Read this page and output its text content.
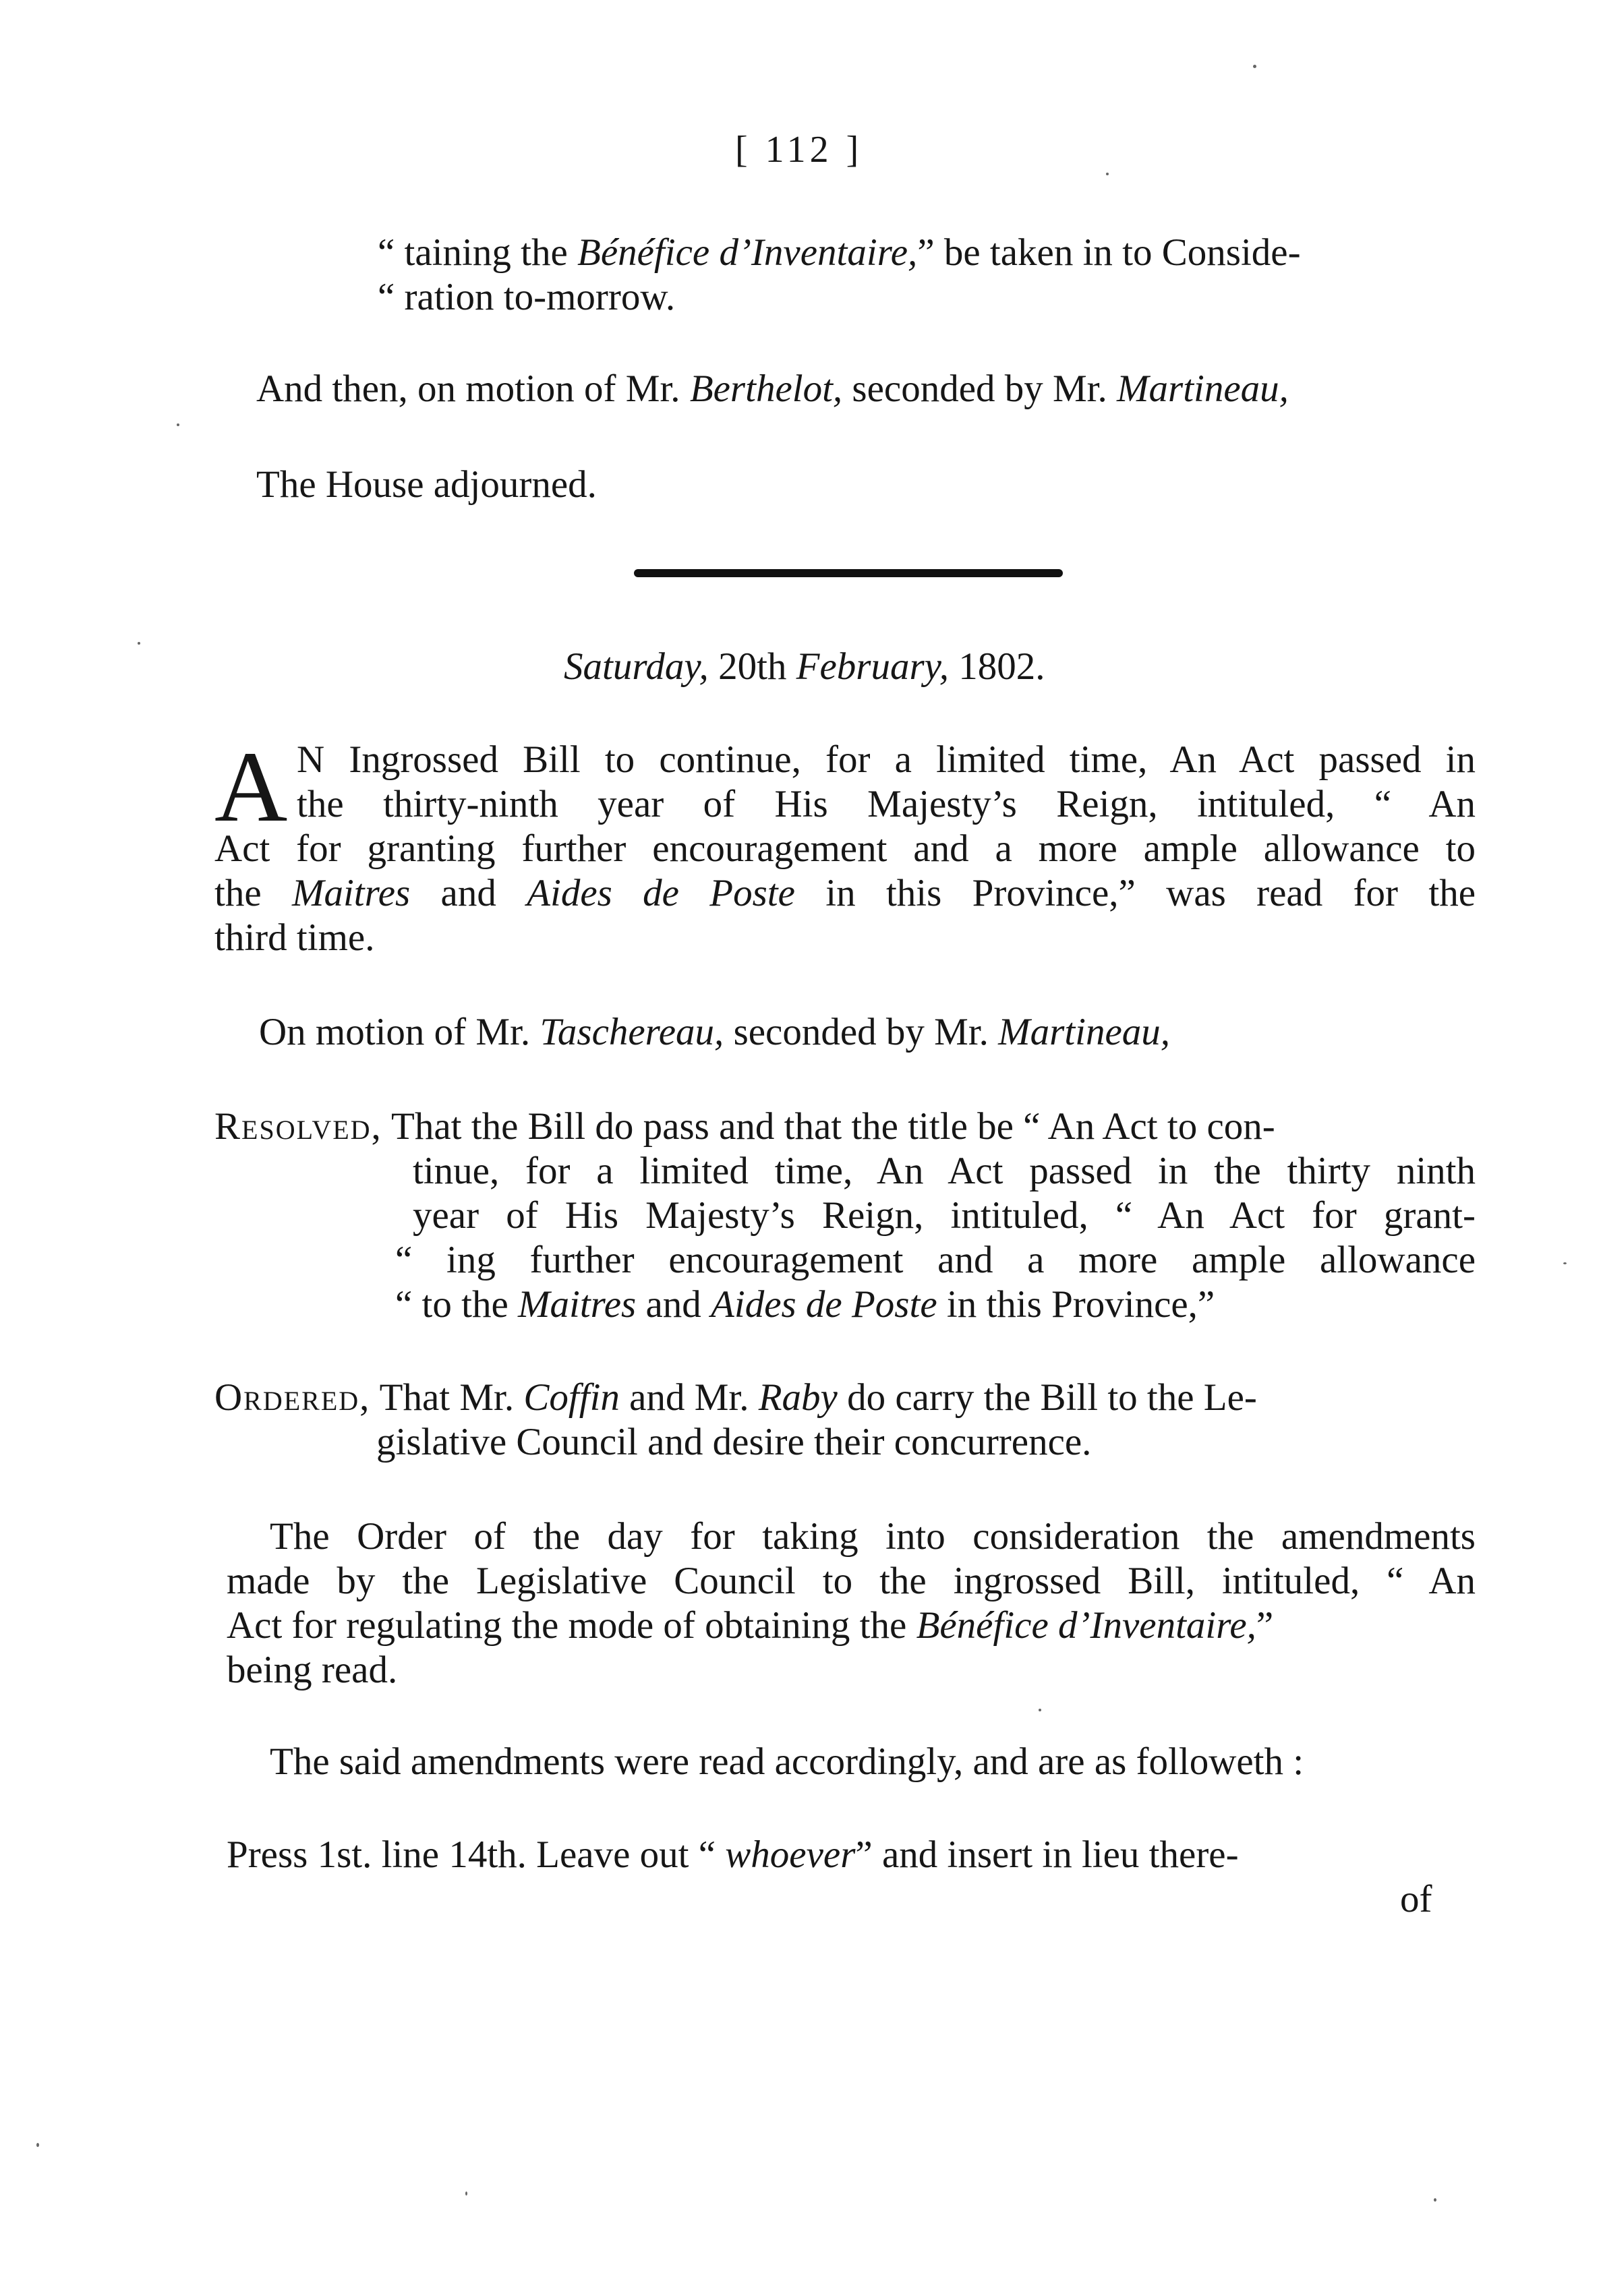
[ 112 ]
“ taining the Bénéfice d’Inventaire,” be taken in to Conside-
“ ration to-morrow.
And then, on motion of Mr. Berthelot, seconded by Mr. Martineau,
The House adjourned.
Saturday, 20th February, 1802.
A N Ingrossed Bill to continue, for a limited time, An Act passed in
the thirty-ninth year of His Majesty’s Reign, intituled, “ An
Act for granting further encouragement and a more ample allowance to
the Maitres and Aides de Poste in this Province,” was read for the
third time.
On motion of Mr. Taschereau, seconded by Mr. Martineau,
Resolved, That the Bill do pass and that the title be “ An Act to con-
tinue, for a limited time, An Act passed in the thirty ninth
year of His Majesty’s Reign, intituled, “ An Act for grant-
“ ing further encouragement and a more ample allowance
“ to the Maitres and Aides de Poste in this Province,”
Ordered, That Mr. Coffin and Mr. Raby do carry the Bill to the Le-
gislative Council and desire their concurrence.
The Order of the day for taking into consideration the amendments
made by the Legislative Council to the ingrossed Bill, intituled, “ An
Act for regulating the mode of obtaining the Bénéfice d’Inventaire,”
being read.
The said amendments were read accordingly, and are as followeth :
Press 1st. line 14th. Leave out “ whoever” and insert in lieu there-
of
